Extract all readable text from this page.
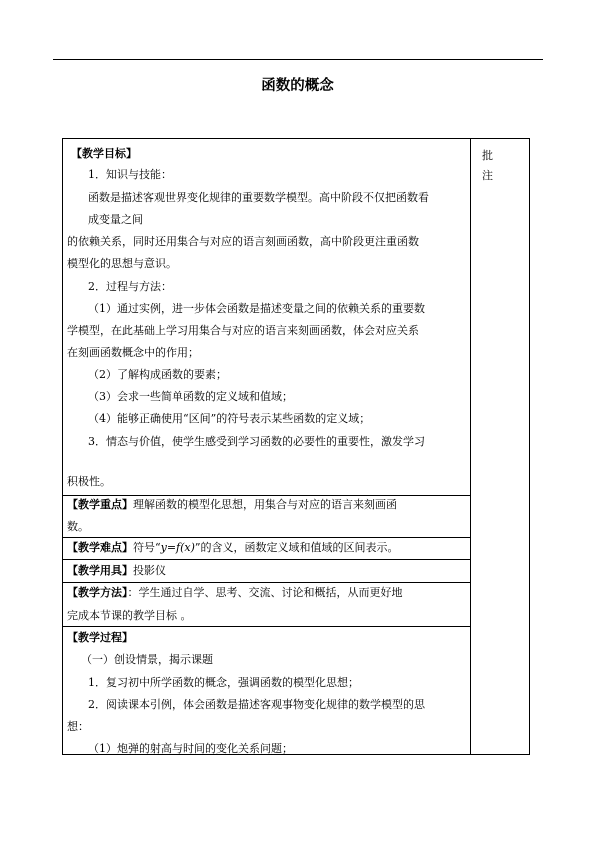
函数的概念
批
注
【教学目标】
1．知识与技能：
函数是描述客观世界变化规律的重要数学模型。高中阶段不仅把函数看
成变量之间
的依赖关系，同时还用集合与对应的语言刻画函数，高中阶段更注重函数
模型化的思想与意识。
2．过程与方法：
（1）通过实例，进一步体会函数是描述变量之间的依赖关系的重要数
学模型，在此基础上学习用集合与对应的语言来刻画函数，体会对应关系
在刻画函数概念中的作用；
（2）了解构成函数的要素；
（3）会求一些简单函数的定义域和值域；
（4）能够正确使用“区间”的符号表示某些函数的定义域；
3．情态与价值，使学生感受到学习函数的必要性的重要性，激发学习
积极性。
【教学重点】理解函数的模型化思想，用集合与对应的语言来刻画函
数。
【教学难点】符号“y=f(x)”的含义，函数定义域和值域的区间表示。
【教学用具】投影仪
【教学方法】：学生通过自学、思考、交流、讨论和概括，从而更好地
完成本节课的教学目标 。
【教学过程】
（一）创设情景，揭示课题
1．复习初中所学函数的概念，强调函数的模型化思想；
2．阅读课本引例，体会函数是描述客观事物变化规律的数学模型的思
想：
（1）炮弹的射高与时间的变化关系问题；
